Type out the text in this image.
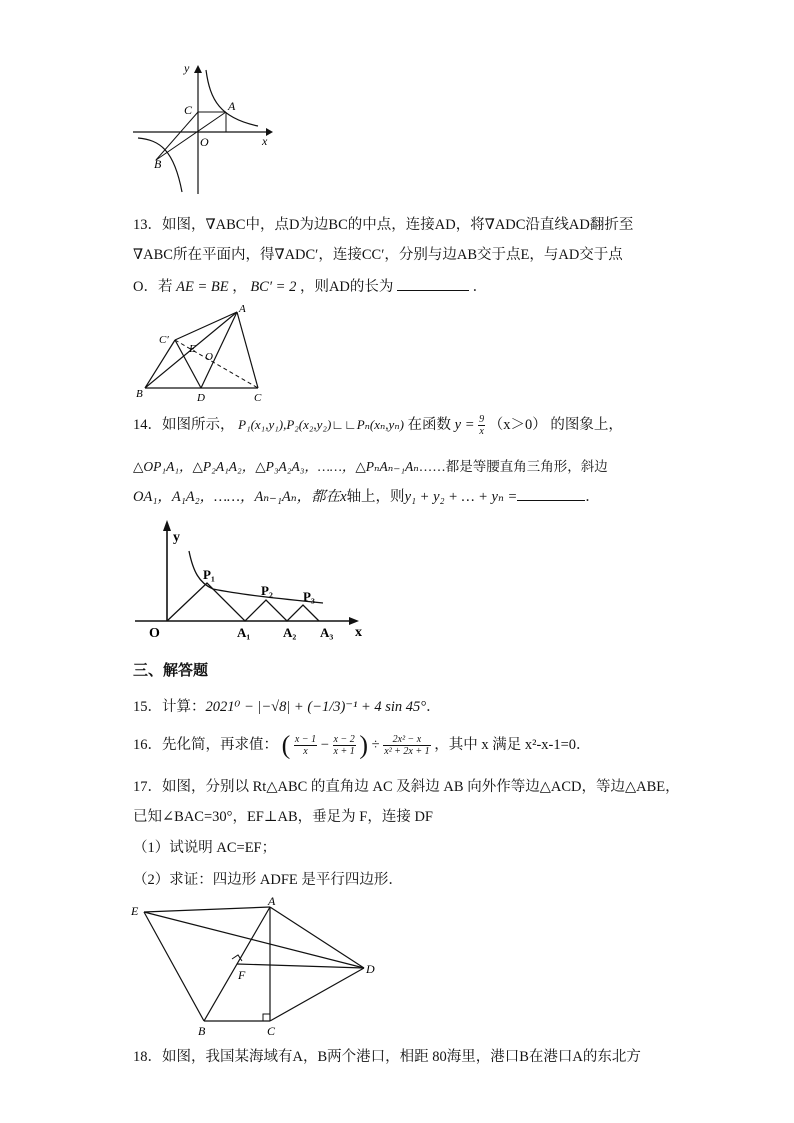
y
x
A
C
O
B
13．如图，∇ABC中，点D为边BC的中点，连接AD，将∇ADC沿直线AD翻折至
∇ABC所在平面内，得∇ADC′，连接CC′，分别与边AB交于点E，与AD交于点
O．若 AE = BE ， BC′ = 2 ，则AD的长为	．
A
C′
E
O
B	D	C
14．如图所示， P₁(x₁,y₁),P₂(x₂,y₂)∟∟Pₙ(xₙ,yₙ) 在函数 $y = \frac{9}{x} (x>0)$ 的图象上，
△OP₁A₁，△P₂A₁A₂，△P₃A₂A₃，……，△PₙAₙ₋₁Aₙ……都是等腰直角三角形，斜边
OA₁，A₁A₂，……，Aₙ₋₁Aₙ，都在x轴上，则y₁ + y₂ + … + yₙ =	．
y
x
O
P₁
P₂ P₃
A₁	A₂ A₃
三、解答题
15．计算：2021⁰ − |−√8| + (−1/3)⁻¹ + 4 sin 45°．
16．先化简，再求值： ( $\frac{x - 1}{x} - \frac{x - 2}{x + 1}$ ) ÷ $\frac{\text{2x² − x}}{\text{x² + 2x + 1}}$ ，其中 x 满足 x²-x-1=0．
17．如图，分别以 Rt△ABC 的直角边 AC 及斜边 AB 向外作等边△ACD，等边△ABE，
已知∠BAC=30°，EF⊥AB，垂足为 F，连接 DF
（1）试说明 AC=EF；
（2）求证：四边形 ADFE 是平行四边形．
E
A
D
F
B	C
18．如图，我国某海域有A，B两个港口，相距 80海里，港口B在港口A的东北方
